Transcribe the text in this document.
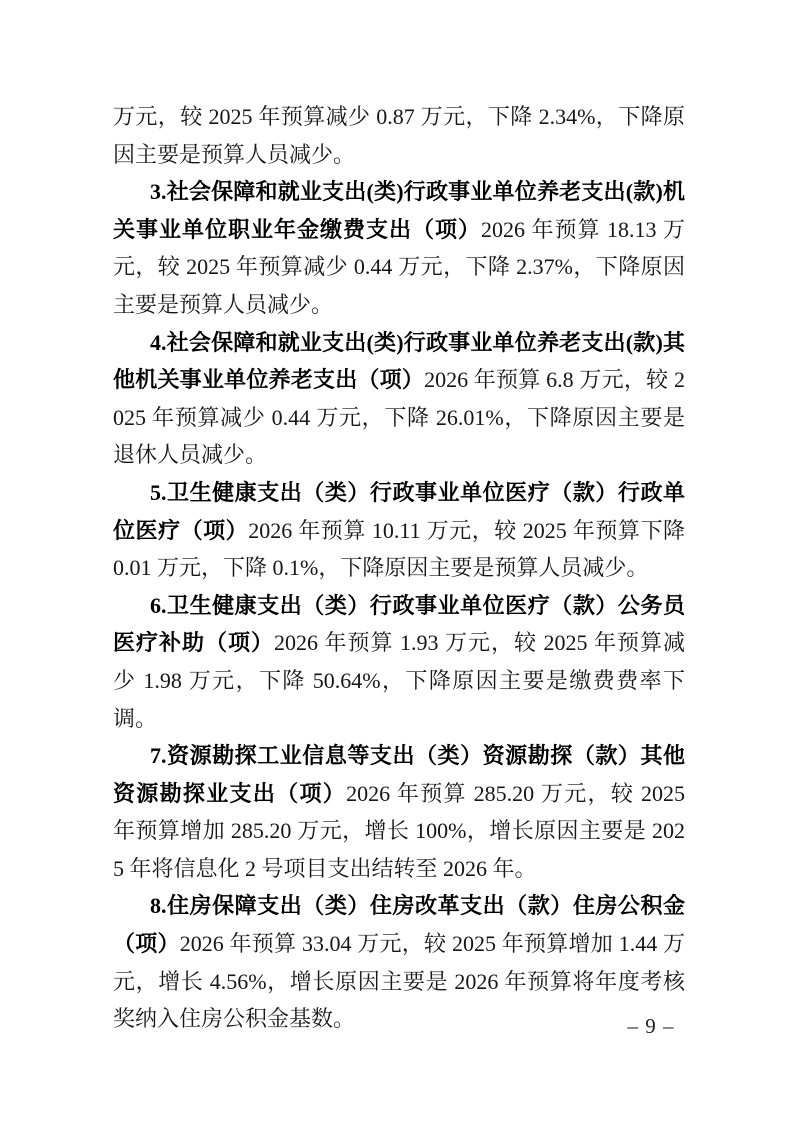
万元，较 2025 年预算减少 0.87 万元，下降 2.34%，下降原因主要是预算人员减少。

3.社会保障和就业支出(类)行政事业单位养老支出(款)机关事业单位职业年金缴费支出（项）2026 年预算 18.13 万元，较 2025 年预算减少 0.44 万元，下降 2.37%，下降原因主要是预算人员减少。

4.社会保障和就业支出(类)行政事业单位养老支出(款)其他机关事业单位养老支出（项）2026 年预算 6.8 万元，较 2025 年预算减少 0.44 万元，下降 26.01%，下降原因主要是退休人员减少。

5.卫生健康支出（类）行政事业单位医疗（款）行政单位医疗（项）2026 年预算 10.11 万元，较 2025 年预算下降 0.01 万元，下降 0.1%，下降原因主要是预算人员减少。

6.卫生健康支出（类）行政事业单位医疗（款）公务员医疗补助（项）2026 年预算 1.93 万元，较 2025 年预算减少 1.98 万元，下降 50.64%，下降原因主要是缴费费率下调。

7.资源勘探工业信息等支出（类）资源勘探（款）其他资源勘探业支出（项）2026 年预算 285.20 万元，较 2025 年预算增加 285.20 万元，增长 100%，增长原因主要是 2025 年将信息化 2 号项目支出结转至 2026 年。

8.住房保障支出（类）住房改革支出（款）住房公积金（项）2026 年预算 33.04 万元，较 2025 年预算增加 1.44 万元，增长 4.56%，增长原因主要是 2026 年预算将年度考核奖纳入住房公积金基数。	– 9 –
